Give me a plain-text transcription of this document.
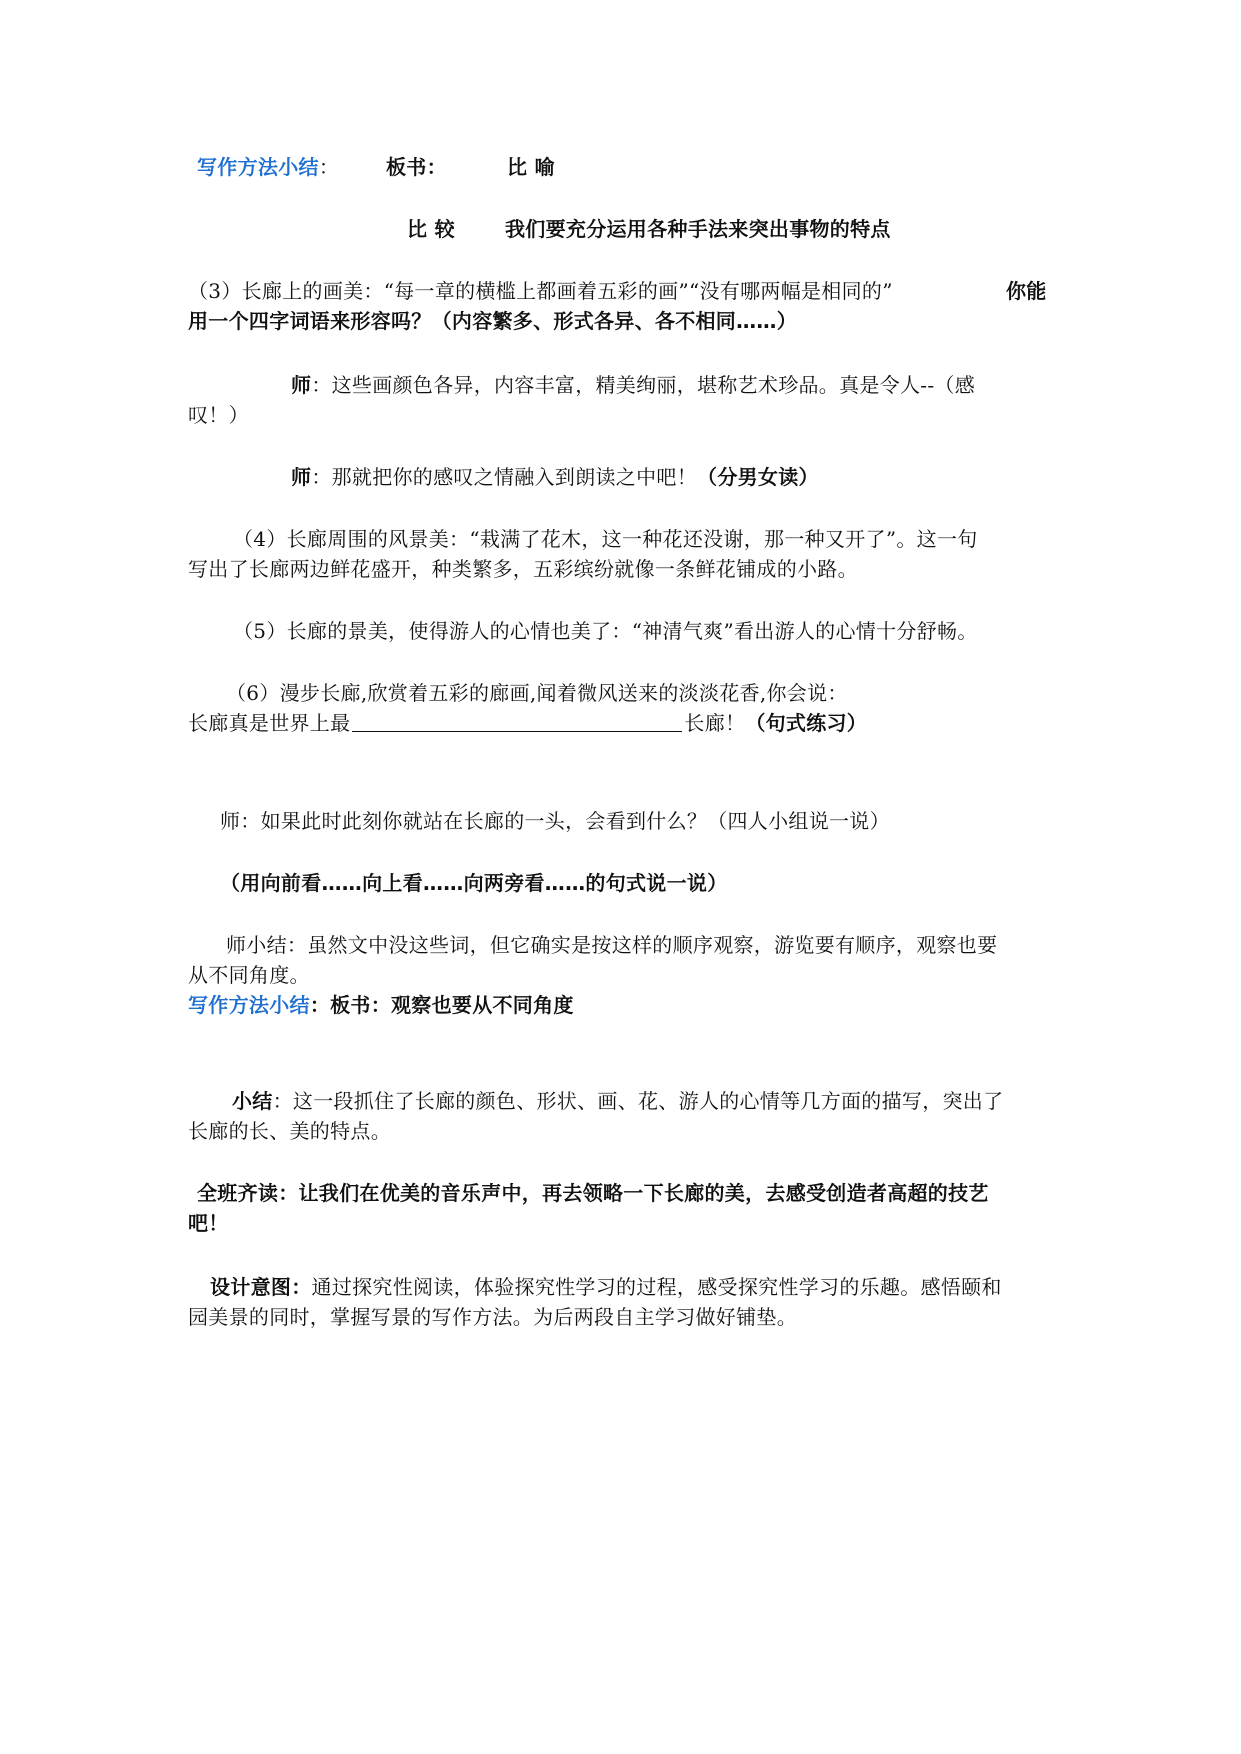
写作方法小结： 板书：	比 喻
比 较	我们要充分运用各种手法来突出事物的特点
（3）长廊上的画美：“每一章的横槛上都画着五彩的画”“没有哪两幅是相同的”	你能
用一个四字词语来形容吗？（内容繁多、形式各异、各不相同……）
师：这些画颜色各异，内容丰富，精美绚丽，堪称艺术珍品。真是令人--（感
叹！）
师：那就把你的感叹之情融入到朗读之中吧！（分男女读）
（4）长廊周围的风景美：“栽满了花木，这一种花还没谢，那一种又开了”。这一句
写出了长廊两边鲜花盛开，种类繁多，五彩缤纷就像一条鲜花铺成的小路。
（5）长廊的景美，使得游人的心情也美了：“神清气爽”看出游人的心情十分舒畅。
（6）漫步长廊,欣赏着五彩的廊画,闻着微风送来的淡淡花香,你会说：
长廊真是世界上最	长廊！（句式练习）
师：如果此时此刻你就站在长廊的一头，会看到什么？（四人小组说一说）
（用向前看……向上看……向两旁看……的句式说一说）
师小结：虽然文中没这些词，但它确实是按这样的顺序观察，游览要有顺序，观察也要
从不同角度。
写作方法小结：板书：观察也要从不同角度
小结：这一段抓住了长廊的颜色、形状、画、花、游人的心情等几方面的描写，突出了
长廊的长、美的特点。
全班齐读：让我们在优美的音乐声中，再去领略一下长廊的美，去感受创造者高超的技艺
吧！
设计意图：通过探究性阅读，体验探究性学习的过程，感受探究性学习的乐趣。感悟颐和
园美景的同时，掌握写景的写作方法。为后两段自主学习做好铺垫。
